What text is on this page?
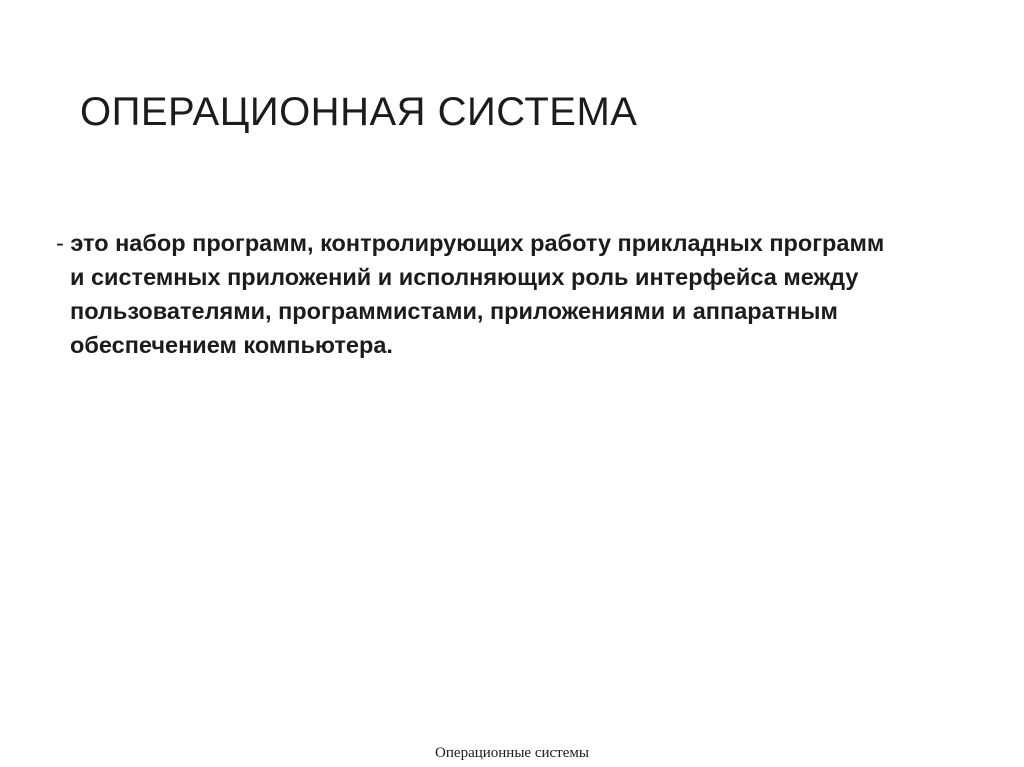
ОПЕРАЦИОННАЯ СИСТЕМА

- это набор программ, контролирующих работу прикладных программ и системных приложений и исполняющих роль интерфейса между пользователями, программистами, приложениями и аппаратным обеспечением компьютера.

Операционные системы
